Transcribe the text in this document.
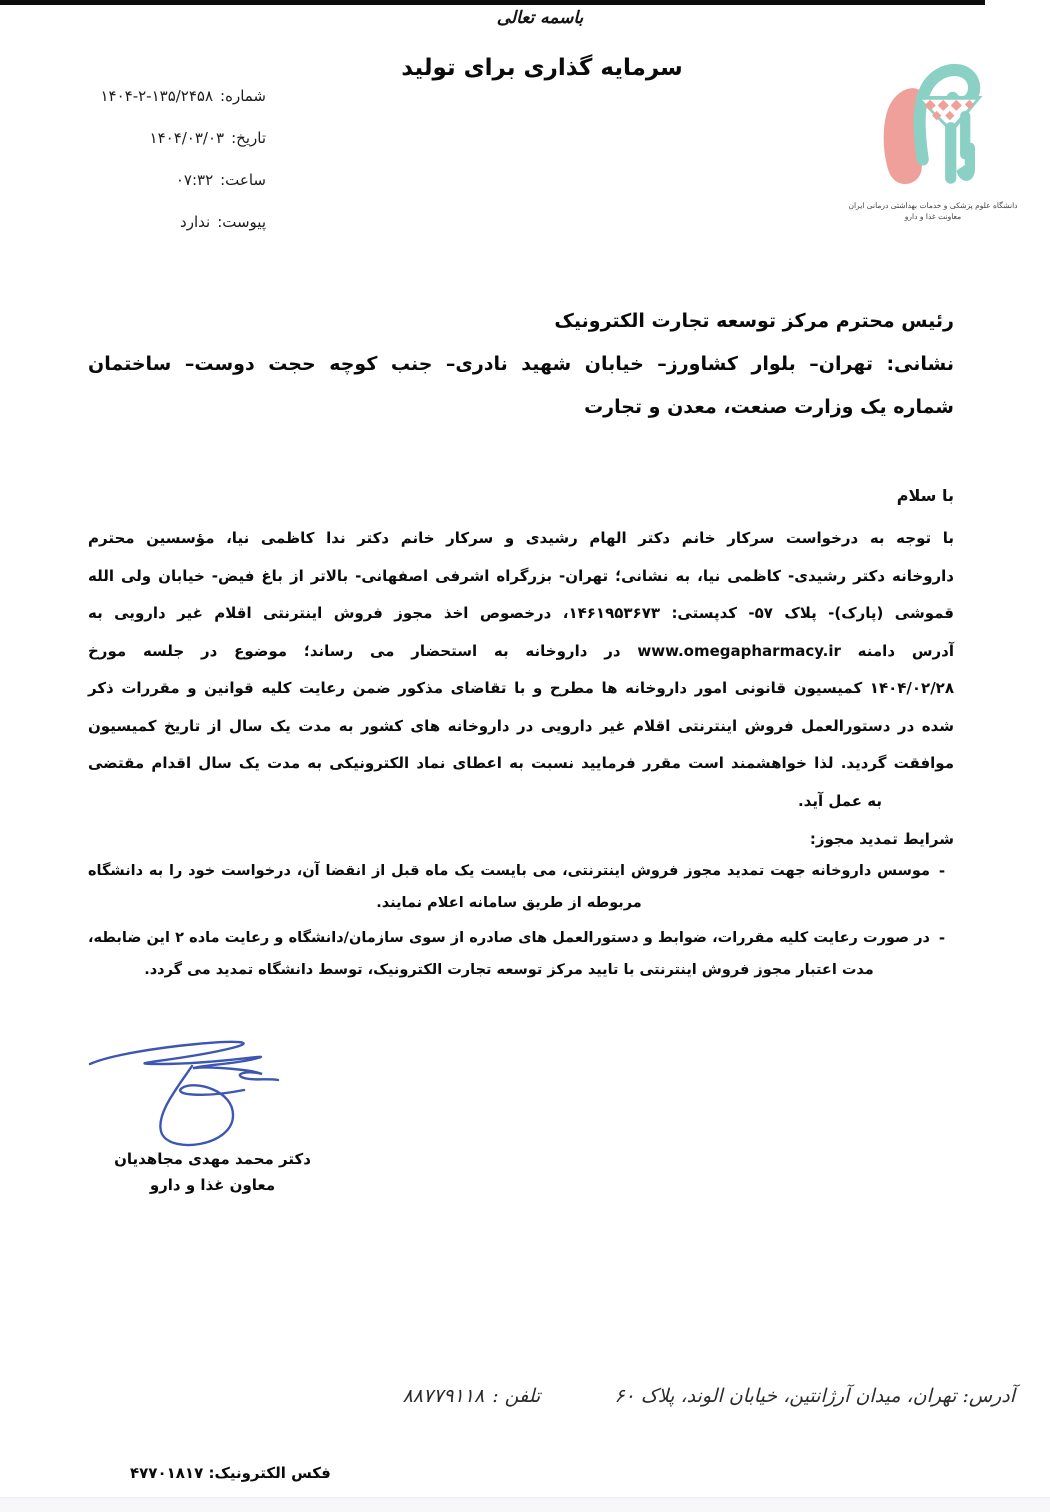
باسمه تعالی
سرمایه گذاری برای تولید
شماره:
۱۴۰۴-۲-۱۳۵/۲۴۵۸
تاریخ:
۱۴۰۴/۰۳/۰۳
ساعت:
۰۷:۳۲
پیوست:
ندارد
دانشگاه علوم پزشکی و خدمات بهداشتی درمانی ایران
معاونت غذا و دارو
رئیس محترم مرکز توسعه تجارت الکترونیک
نشانی: تهران– بلوار کشاورز– خیابان شهید نادری– جنب کوچه حجت دوست– ساختمان
شماره یک وزارت صنعت، معدن و تجارت
با سلام
با توجه به درخواست سرکار خانم دکتر الهام رشیدی و سرکار خانم دکتر ندا کاظمی نیا، مؤسسین محترم
داروخانه دکتر رشیدی- کاظمی نیا، به نشانی؛ تهران- بزرگراه اشرفی اصفهانی- بالاتر از باغ فیض- خیابان ولی الله
قموشی (پارک)- پلاک ۵۷- کدپستی: ۱۴۶۱۹۵۳۶۷۳، درخصوص اخذ مجوز فروش اینترنتی اقلام غیر دارویی به
آدرس دامنه www.omegapharmacy.ir در داروخانه به استحضار می رساند؛ موضوع در جلسه مورخ
۱۴۰۴/۰۲/۲۸ کمیسیون قانونی امور داروخانه ها مطرح و با تقاضای مذکور ضمن رعایت کلیه قوانین و مقررات ذکر
شده در دستورالعمل فروش اینترنتی اقلام غیر دارویی در داروخانه های کشور به مدت یک سال از تاریخ کمیسیون
موافقت گردید. لذا خواهشمند است مقرر فرمایید نسبت به اعطای نماد الکترونیکی به مدت یک سال اقدام مقتضی
به عمل آید.
شرایط تمدید مجوز:
-
موسس داروخانه جهت تمدید مجوز فروش اینترنتی، می بایست یک ماه قبل از انقضا آن، درخواست خود را به دانشگاه مربوطه از طریق سامانه اعلام نمایند.
-
در صورت رعایت کلیه مقررات، ضوابط و دستورالعمل های صادره از سوی سازمان/دانشگاه و رعایت ماده ۲ این ضابطه، مدت اعتبار مجوز فروش اینترنتی با تایید مرکز توسعه تجارت الکترونیک، توسط دانشگاه تمدید می گردد.
دکتر محمد مهدی مجاهدیان
معاون غذا و دارو
آدرس: تهران، میدان آرژانتین، خیابان الوند، پلاک ۶۰
تلفن :
۸۸۷۷۹۱۱۸
فکس الکترونیک: ۴۷۷۰۱۸۱۷
